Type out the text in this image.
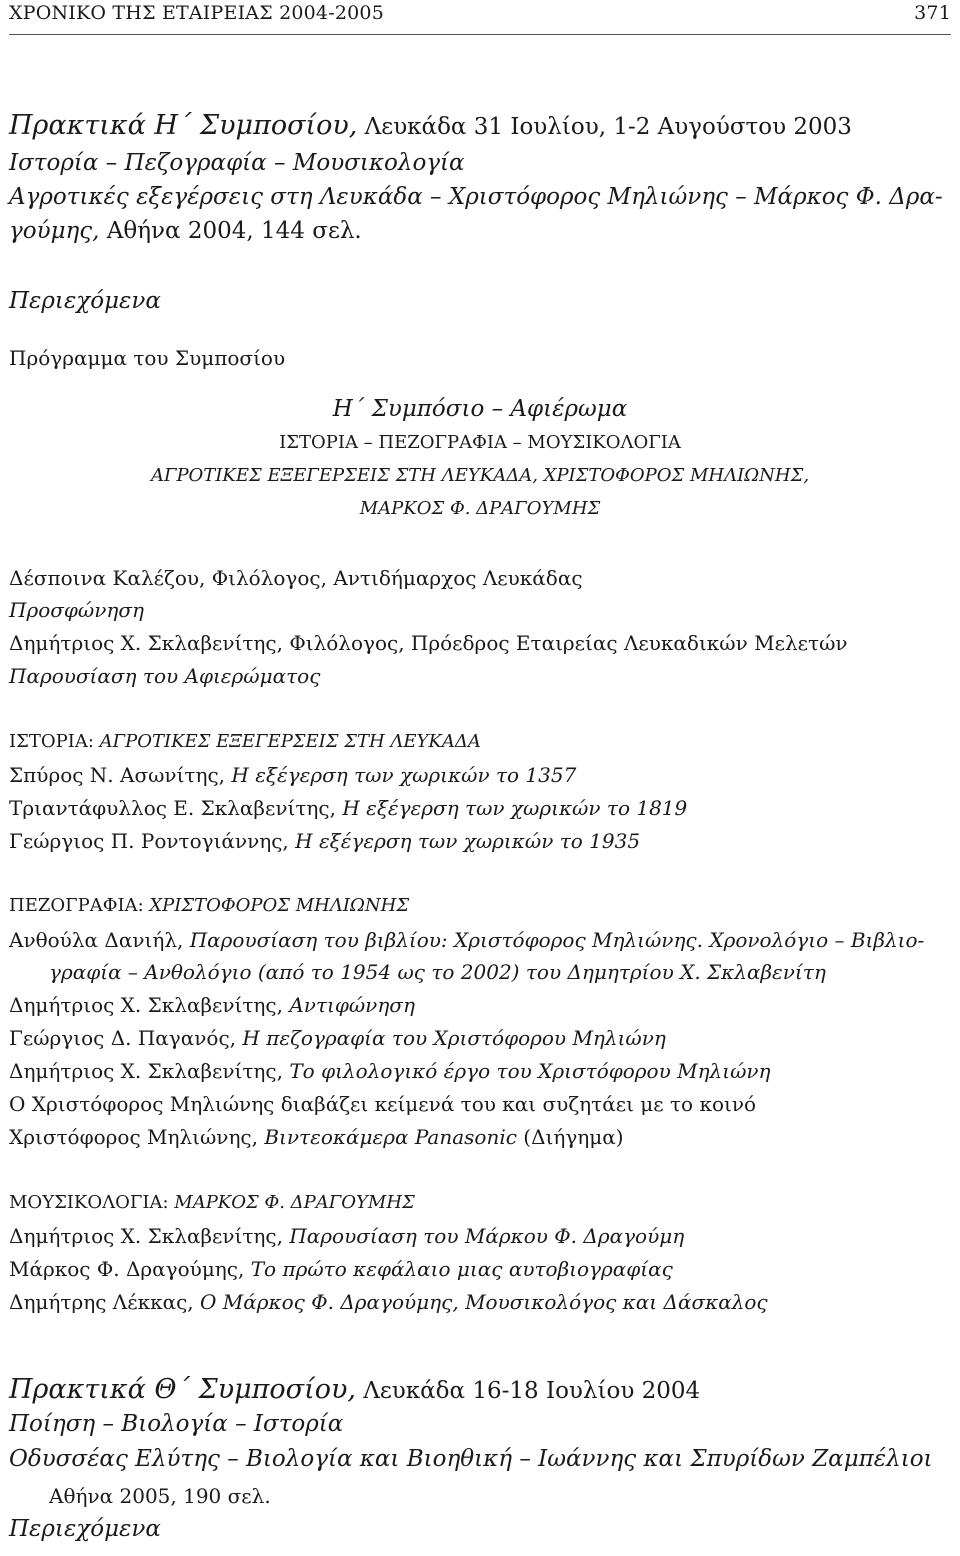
ΧΡΟΝΙΚΟ ΤΗΣ ΕΤΑΙΡΕΙΑΣ 2004-2005	371
Πρακτικά Η΄ Συμποσίου, Λευκάδα 31 Ιουλίου, 1-2 Αυγούστου 2003
Ιστορία – Πεζογραφία – Μουσικολογία
Αγροτικές εξεγέρσεις στη Λευκάδα – Χριστόφορος Μηλιώνης – Μάρκος Φ. Δρα-
γούμης, Αθήνα 2004, 144 σελ.
Περιεχόμενα
Πρόγραμμα του Συμποσίου
Η΄ Συμπόσιο – Αφιέρωμα
ΙΣΤΟΡΙΑ – ΠΕΖΟΓΡΑΦΙΑ – ΜΟΥΣΙΚΟΛΟΓΙΑ
ΑΓΡΟΤΙΚΕΣ ΕΞΕΓΕΡΣΕΙΣ ΣΤΗ ΛΕΥΚΑΔΑ, ΧΡΙΣΤΟΦΟΡΟΣ ΜΗΛΙΩΝΗΣ,
ΜΑΡΚΟΣ Φ. ΔΡΑΓΟΥΜΗΣ
Δέσποινα Καλέζου, Φιλόλογος, Αντιδήμαρχος Λευκάδας
Προσφώνηση
Δημήτριος Χ. Σκλαβενίτης, Φιλόλογος, Πρόεδρος Εταιρείας Λευκαδικών Μελετών
Παρουσίαση του Αφιερώματος
ΙΣΤΟΡΙΑ: ΑΓΡΟΤΙΚΕΣ ΕΞΕΓΕΡΣΕΙΣ ΣΤΗ ΛΕΥΚΑΔΑ
Σπύρος Ν. Ασωνίτης, Η εξέγερση των χωρικών το 1357
Τριαντάφυλλος Ε. Σκλαβενίτης, Η εξέγερση των χωρικών το 1819
Γεώργιος Π. Ροντογιάννης, Η εξέγερση των χωρικών το 1935
ΠΕΖΟΓΡΑΦΙΑ: ΧΡΙΣΤΟΦΟΡΟΣ ΜΗΛΙΩΝΗΣ
Ανθούλα Δανιήλ, Παρουσίαση του βιβλίου: Χριστόφορος Μηλιώνης. Χρονολόγιο – Βιβλιο-
γραφία – Ανθολόγιο (από το 1954 ως το 2002) του Δημητρίου Χ. Σκλαβενίτη
Δημήτριος Χ. Σκλαβενίτης, Αντιφώνηση
Γεώργιος Δ. Παγανός, Η πεζογραφία του Χριστόφορου Μηλιώνη
Δημήτριος Χ. Σκλαβενίτης, Το φιλολογικό έργο του Χριστόφορου Μηλιώνη
Ο Χριστόφορος Μηλιώνης διαβάζει κείμενά του και συζητάει με το κοινό
Χριστόφορος Μηλιώνης, Βιντεοκάμερα Panasonic (Διήγημα)
ΜΟΥΣΙΚΟΛΟΓΙΑ: ΜΑΡΚΟΣ Φ. ΔΡΑΓΟΥΜΗΣ
Δημήτριος Χ. Σκλαβενίτης, Παρουσίαση του Μάρκου Φ. Δραγούμη
Μάρκος Φ. Δραγούμης, Το πρώτο κεφάλαιο μιας αυτοβιογραφίας
Δημήτρης Λέκκας, Ο Μάρκος Φ. Δραγούμης, Μουσικολόγος και Δάσκαλος
Πρακτικά Θ΄ Συμποσίου, Λευκάδα 16-18 Ιουλίου 2004
Ποίηση – Βιολογία – Ιστορία
Οδυσσέας Ελύτης – Βιολογία και Βιοηθική – Ιωάννης και Σπυρίδων Ζαμπέλιοι
Αθήνα 2005, 190 σελ.
Περιεχόμενα
